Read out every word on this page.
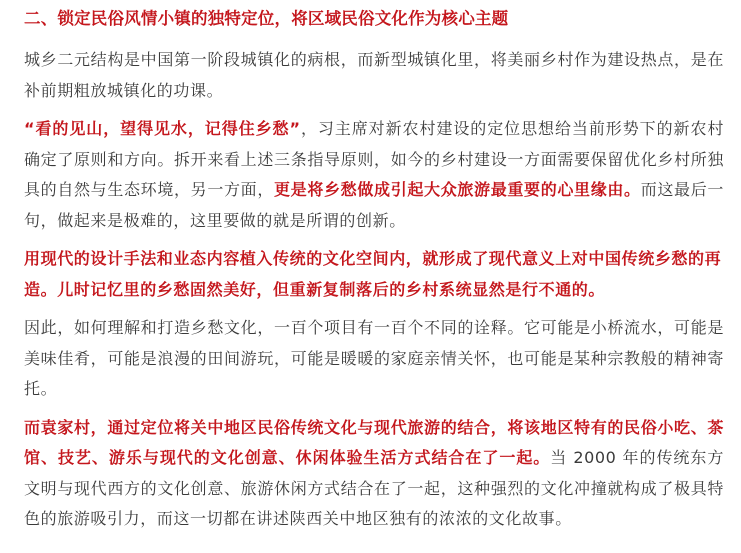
二、锁定民俗风情小镇的独特定位，将区域民俗文化作为核心主题

城乡二元结构是中国第一阶段城镇化的病根，而新型城镇化里，将美丽乡村作为建设热点，是在补前期粗放城镇化的功课。

“看的见山，望得见水，记得住乡愁”，习主席对新农村建设的定位思想给当前形势下的新农村确定了原则和方向。拆开来看上述三条指导原则，如今的乡村建设一方面需要保留优化乡村所独具的自然与生态环境，另一方面，更是将乡愁做成引起大众旅游最重要的心里缘由。而这最后一句，做起来是极难的，这里要做的就是所谓的创新。

用现代的设计手法和业态内容植入传统的文化空间内，就形成了现代意义上对中国传统乡愁的再造。儿时记忆里的乡愁固然美好，但重新复制落后的乡村系统显然是行不通的。

因此，如何理解和打造乡愁文化，一百个项目有一百个不同的诠释。它可能是小桥流水，可能是美味佳肴，可能是浪漫的田间游玩，可能是暖暖的家庭亲情关怀，也可能是某种宗教般的精神寄托。

而袁家村，通过定位将关中地区民俗传统文化与现代旅游的结合，将该地区特有的民俗小吃、茶馆、技艺、游乐与现代的文化创意、休闲体验生活方式结合在了一起。当 2000 年的传统东方文明与现代西方的文化创意、旅游休闲方式结合在了一起，这种强烈的文化冲撞就构成了极具特色的旅游吸引力，而这一切都在讲述陕西关中地区独有的浓浓的文化故事。
